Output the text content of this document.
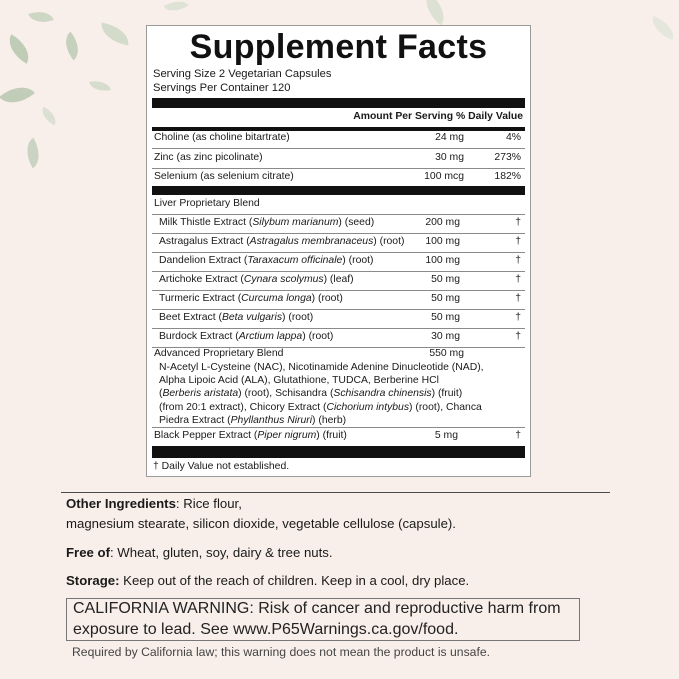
Supplement Facts
Serving Size 2 Vegetarian Capsules
Servings Per Container 120
Amount Per Serving % Daily Value
Choline (as choline bitartrate)	24 mg	4%
Zinc (as zinc picolinate)	30 mg	273%
Selenium (as selenium citrate)	100 mcg	182%
Liver Proprietary Blend
Milk Thistle Extract (Silybum marianum) (seed)	200 mg	†
Astragalus Extract (Astragalus membranaceus) (root)	100 mg	†
Dandelion Extract (Taraxacum officinale) (root)	100 mg	†
Artichoke Extract (Cynara scolymus) (leaf)	50 mg	†
Turmeric Extract (Curcuma longa) (root)	50 mg	†
Beet Extract (Beta vulgaris) (root)	50 mg	†
Burdock Extract (Arctium lappa) (root)	30 mg	†
Advanced Proprietary Blend	550 mg
N-Acetyl L-Cysteine (NAC), Nicotinamide Adenine Dinucleotide (NAD),
Alpha Lipoic Acid (ALA), Glutathione, TUDCA, Berberine HCl
(Berberis aristata) (root), Schisandra (Schisandra chinensis) (fruit)
(from 20:1 extract), Chicory Extract (Cichorium intybus) (root), Chanca
Piedra Extract (Phyllanthus Niruri) (herb)
Black Pepper Extract (Piper nigrum) (fruit)	5 mg	†
† Daily Value not established.
Other Ingredients: Rice flour,
magnesium stearate, silicon dioxide, vegetable cellulose (capsule).
Free of: Wheat, gluten, soy, dairy & tree nuts.
Storage: Keep out of the reach of children. Keep in a cool, dry place.
CALIFORNIA WARNING: Risk of cancer and reproductive harm from
exposure to lead. See www.P65Warnings.ca.gov/food.
Required by California law; this warning does not mean the product is unsafe.
